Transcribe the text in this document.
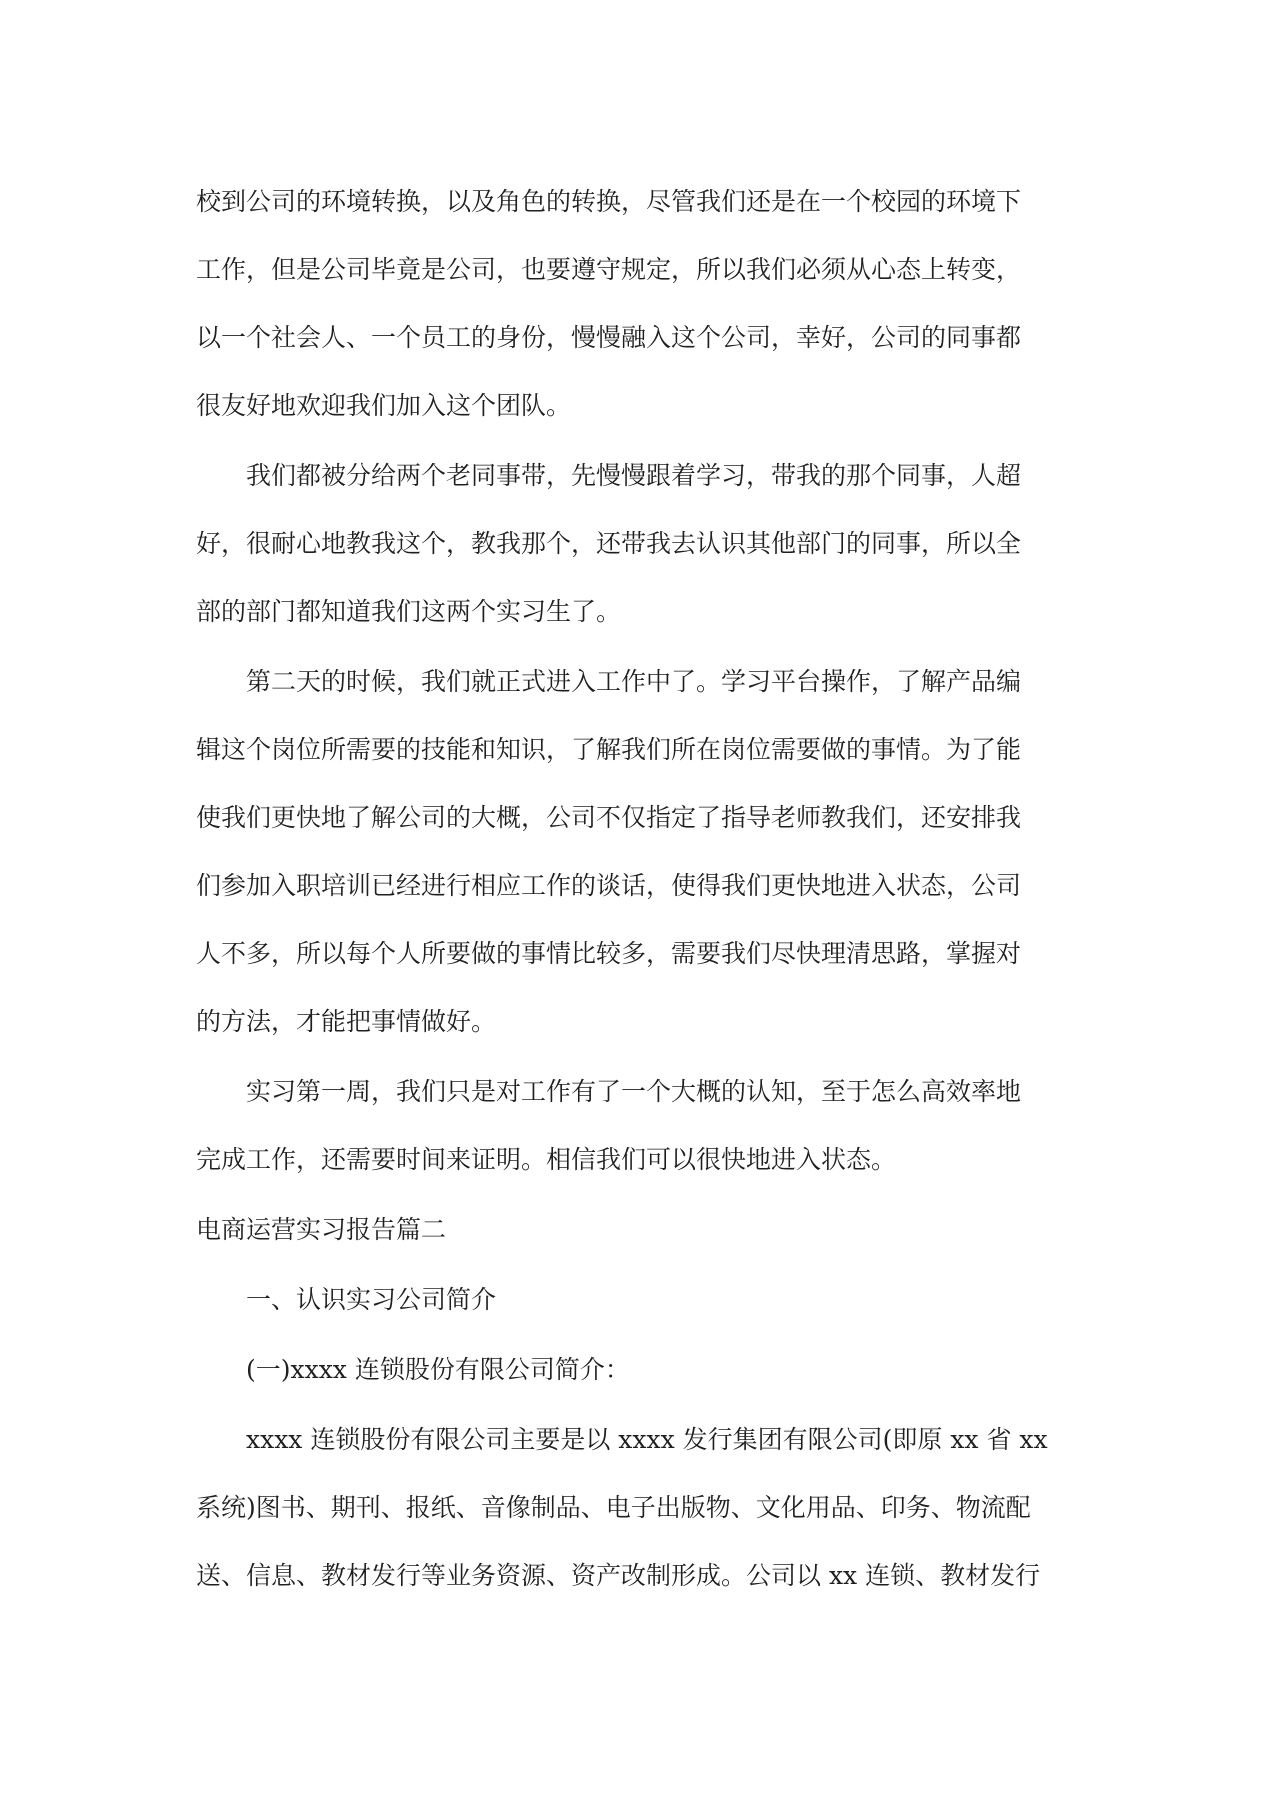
校到公司的环境转换，以及角色的转换，尽管我们还是在一个校园的环境下
工作，但是公司毕竟是公司，也要遵守规定，所以我们必须从心态上转变，
以一个社会人、一个员工的身份，慢慢融入这个公司，幸好，公司的同事都
很友好地欢迎我们加入这个团队。
我们都被分给两个老同事带，先慢慢跟着学习，带我的那个同事，人超
好，很耐心地教我这个，教我那个，还带我去认识其他部门的同事，所以全
部的部门都知道我们这两个实习生了。
第二天的时候，我们就正式进入工作中了。学习平台操作，了解产品编
辑这个岗位所需要的技能和知识，了解我们所在岗位需要做的事情。为了能
使我们更快地了解公司的大概，公司不仅指定了指导老师教我们，还安排我
们参加入职培训已经进行相应工作的谈话，使得我们更快地进入状态，公司
人不多，所以每个人所要做的事情比较多，需要我们尽快理清思路，掌握对
的方法，才能把事情做好。
实习第一周，我们只是对工作有了一个大概的认知，至于怎么高效率地
完成工作，还需要时间来证明。相信我们可以很快地进入状态。
电商运营实习报告篇二
一、认识实习公司简介
(一)xxxx 连锁股份有限公司简介：
xxxx 连锁股份有限公司主要是以 xxxx 发行集团有限公司(即原 xx 省 xx
系统)图书、期刊、报纸、音像制品、电子出版物、文化用品、印务、物流配
送、信息、教材发行等业务资源、资产改制形成。公司以 xx 连锁、教材发行
